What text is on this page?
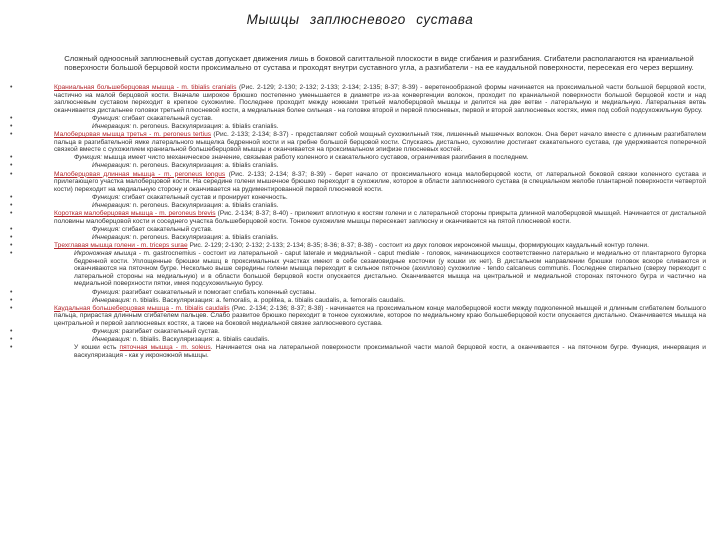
Мышцы заплюсневого сустава
Сложный одноосный заплюсневый сустав допускает движения лишь в боковой сагиттальной плоскости в виде сгибания и разгибания. Сгибатели располагаются на краниальной поверхности большой берцовой кости проксимально от сустава и проходят внутри суставного угла, а разгибатели - на ее каудальной поверхности, пересекая его через вершину.
•	Краниальная большеберцовая мышца - m. tibialis cranialis (Рис. 2-129; 2-130; 2-132; 2-133; 2-134; 2-135; 8-37; 8-39) - веретенообразной формы начинается на проксимальной части большой берцовой кости, частично на малой берцовой кости. Вначале широкое брюшко постепенно уменьшается в диаметре из-за конвергенции волокон, проходит по краниальной поверхности большой берцовой кости и над заплюсневым суставом переходит в крепкое сухожилие. Последнее проходит между ножками третьей малоберцовой мышцы и делится на две ветви - латеральную и медиальную. Латеральная ветвь оканчивается дистальнее головки третьей плюсневой кости, а медиальная более сильная - на головке второй и первой плюсневых, первой и второй заплюсневых костях, имея под собой подсухожильную бурсу.
•	Функция: сгибает скакательный сустав.
•	Иннервация: n. peroneus. Васкуляризация: a. tibialis cranialis.
•	Малоберцовая мышца третья - m. peroneus tertius (Рис. 2-133; 2-134; 8-37) - представляет собой мощный сухожильный тяж, лишенный мышечных волокон. Она берет начало вместе с длинным разгибателем пальца в разгибательной ямке латерального мыщелка бедренной кости и на гребне большой берцовой кости. Спускаясь дистально, сухожилие достигает скакательного сустава, где удерживается поперечной связкой вместе с сухожилием краниальной большеберцовой мышцы и оканчивается на проксимальном эпифизе плюсневых костей.
•	Функция: мышца имеет чисто механическое значение, связывая работу коленного и скакательного суставов, ограничивая разгибания в последнем.
•	Иннервация: n. peroneus. Васкуляризация: a. tibialis cranialis.
•	Малоберцовая длинная мышца - m. peroneus longus (Рис. 2-133; 2-134; 8-37; 8-39) - берет начало от проксимального конца малоберцовой кости, от латеральной боковой связки коленного сустава и прилегающего участка малоберцовой кости. На середине голени мышечное брюшко переходит в сухожилие, которое в области заплюсневого сустава (в специальном желобе плантарной поверхности четвертой кости) переходит на медиальную сторону и оканчивается на рудиментированной первой плюсневой кости.
•	Функция: сгибает скакательный сустав и пронирует конечность.
•	Иннервация: n. peroneus. Васкуляризация: a. tibialis cranialis.
•	Короткая малоберцовая мышца - m. peroneus brevis (Рис. 2-134; 8-37; 8-40) - прилежит вплотную к костям голени и с латеральной стороны прикрыта длинной малоберцовой мышцей. Начинается от дистальной половины малоберцовой кости и соседнего участка большеберцовой кости. Тонкое сухожилие мышцы пересекает заплюсну и оканчивается на пятой плюсневой кости.
•	Функция: сгибает скакательный сустав.
•	Иннервация: n. peroneus. Васкуляризация: a. tibialis cranialis.
•	Трехглавая мышца голени - m. triceps surae Рис. 2-129; 2-130; 2-132; 2-133; 2-134; 8-35; 8-36; 8-37; 8-38) - состоит из двух головок икроножной мышцы, формирующих каудальный контур голени.
•	Икроножная мышца - m. gastrocnemius - состоит из латеральной - caput laterale и медиальной - caput mediale - головок, начинающихся соответственно латерально и медиально от плантарного бугорка бедренной кости. Уплощенные брюшки мышц в проксимальных участках имеют в себе сезамовидные косточки (у кошки их нет). В дистальном направлении брюшки головок вскоре сливаются и оканчиваются на пяточном бугре. Несколько выше середины голени мышца переходит в сильное пяточное (ахиллово) сухожилие - tendo calcaneus communis. Последнее спирально (сверху переходит с латеральной стороны на медиальную) и в области большой берцовой кости опускается дистально. Оканчивается мышца на центральной и медиальной сторонах пяточного бугра и частично на медиальной поверхности пятки, имея подсухожильную бурсу.
•	Функция: разгибает скакательный и помогает сгибать коленный суставы.
•	Иннервация: n. tibialis. Васкуляризация: a. femoralis, a. poplitea, a. tibialis caudalis, a. femoralis caudalis.
•	Каудальная большеберцовая мышца - m. tibialis caudalis (Рис. 2-134; 2-136; 8-37; 8-38) - начинается на проксимальном конце малоберцовой кости между подколенной мышцей и длинным сгибателем большого пальца, прирастая длинным сгибателем пальцев. Слабо развитое брюшко переходит в тонкое сухожилие, которое по медиальному краю большеберцовой кости опускается дистально. Оканчивается мышца на центральной и первой заплюсневых костях, а также на боковой медиальной связке заплюсневого сустава.
•	Функция: разгибает скакательный сустав.
•	Иннервация: n. tibialis. Васкуляризация: a. tibialis caudalis.
•	У кошки есть пяточная мышца - m. soleus. Начинается она на латеральной поверхности проксимальной части малой берцовой кости, а оканчивается - на пяточном бугре. Функция, иннервация и васкуляризация - как у икроножной мышцы.
